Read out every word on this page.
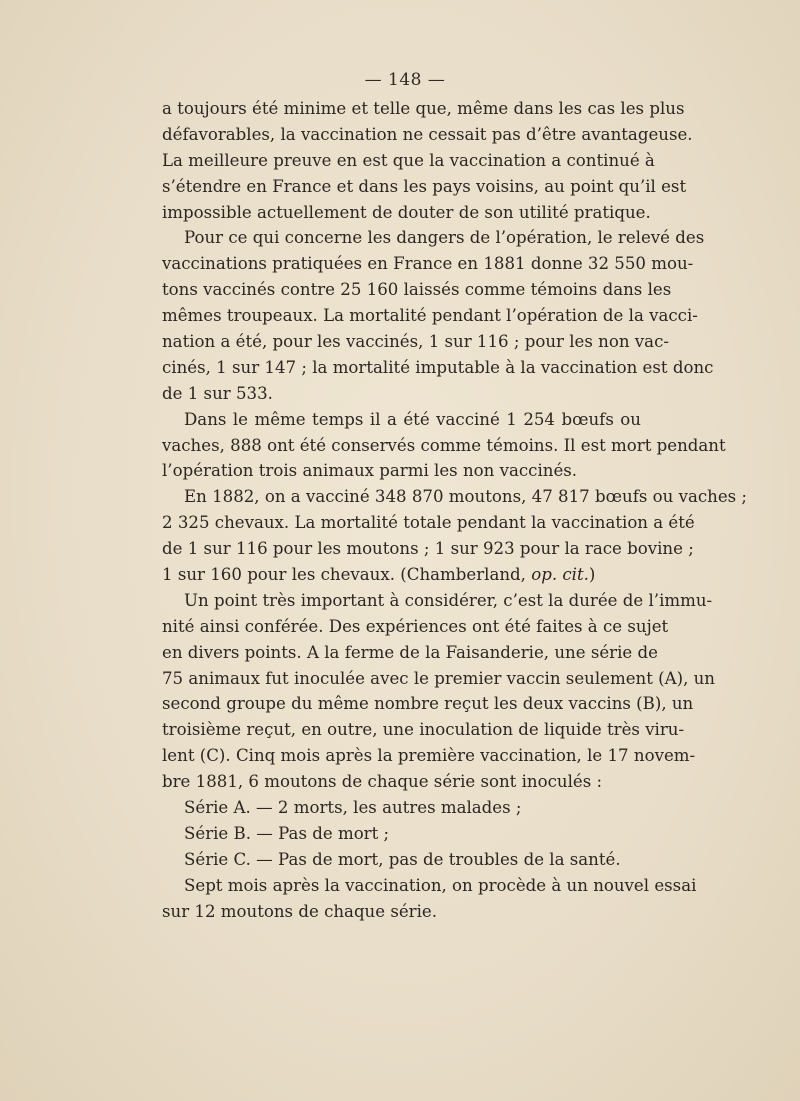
— 148 —
a toujours été minime et telle que, même dans les cas les plus
défavorables, la vaccination ne cessait pas d’être avantageuse.
La meilleure preuve en est que la vaccination a continué à
s’étendre en France et dans les pays voisins, au point qu’il est
impossible actuellement de douter de son utilité pratique.
Pour ce qui concerne les dangers de l’opération, le relevé des
vaccinations pratiquées en France en 1881 donne 32 550 mou-
tons vaccinés contre 25 160 laissés comme témoins dans les
mêmes troupeaux. La mortalité pendant l’opération de la vacci-
nation a été, pour les vaccinés, 1 sur 116 ; pour les non vac-
cinés, 1 sur 147 ; la mortalité imputable à la vaccination est donc
de 1 sur 533.
Dans le même temps il a été vacciné 1 254 bœufs ou
vaches, 888 ont été conservés comme témoins. Il est mort pendant
l’opération trois animaux parmi les non vaccinés.
En 1882, on a vacciné 348 870 moutons, 47 817 bœufs ou vaches ;
2 325 chevaux. La mortalité totale pendant la vaccination a été
de 1 sur 116 pour les moutons ; 1 sur 923 pour la race bovine ;
1 sur 160 pour les chevaux. (Chamberland, op. cit.)
Un point très important à considérer, c’est la durée de l’immu-
nité ainsi conférée. Des expériences ont été faites à ce sujet
en divers points. A la ferme de la Faisanderie, une série de
75 animaux fut inoculée avec le premier vaccin seulement (A), un
second groupe du même nombre reçut les deux vaccins (B), un
troisième reçut, en outre, une inoculation de liquide très viru-
lent (C). Cinq mois après la première vaccination, le 17 novem-
bre 1881, 6 moutons de chaque série sont inoculés :
Série A. — 2 morts, les autres malades ;
Série B. — Pas de mort ;
Série C. — Pas de mort, pas de troubles de la santé.
Sept mois après la vaccination, on procède à un nouvel essai
sur 12 moutons de chaque série.
